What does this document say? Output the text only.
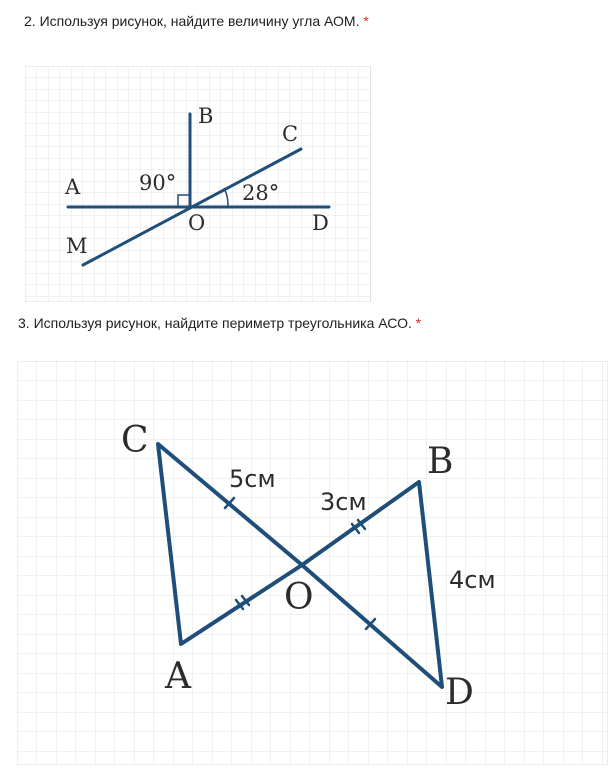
2. Используя рисунок, найдите величину угла АОМ. *
A
B
C
D
O
M
90°	28°
3. Используя рисунок, найдите периметр треугольника АСО. *
C
B
O
A	D
5см
3см
4см
